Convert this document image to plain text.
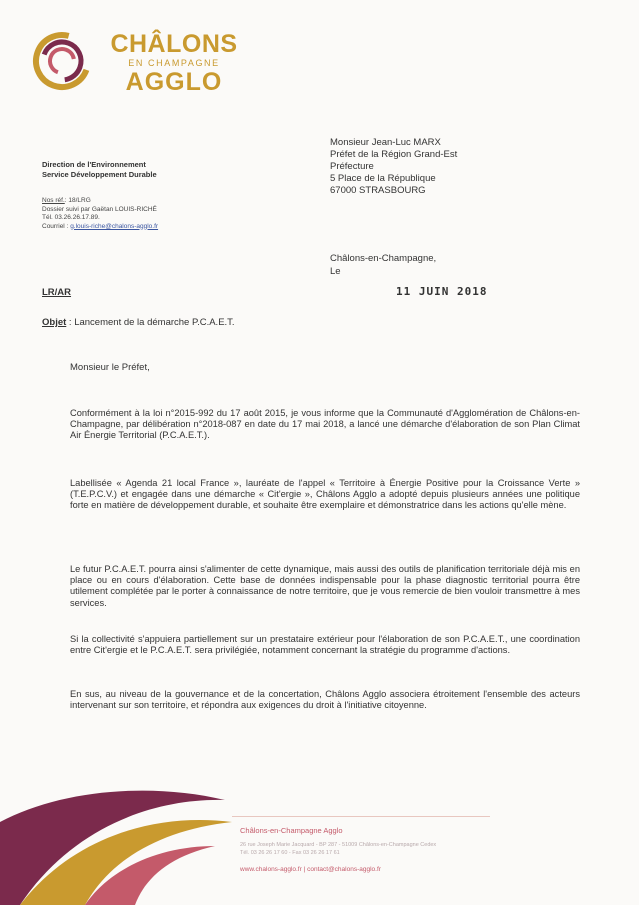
CHÂLONS
EN CHAMPAGNE
AGGLO
Monsieur Jean-Luc MARX
Préfet de la Région Grand-Est
Préfecture
5 Place de la République
67000 STRASBOURG
Direction de l'Environnement
Service Développement Durable
Nos réf.: 18/LRG
Dossier suivi par Gaëtan LOUIS-RICHÉ
Tél. 03.26.26.17.89.
Courriel : g.louis-riche@chalons-agglo.fr
Châlons-en-Champagne,
Le
11 JUIN 2018
LR/AR
Objet : Lancement de la démarche P.C.A.E.T.
Monsieur le Préfet,
Conformément à la loi n°2015-992 du 17 août 2015, je vous informe que la Communauté d'Agglomération de Châlons-en-Champagne, par délibération n°2018-087 en date du 17 mai 2018, a lancé une démarche d'élaboration de son Plan Climat Air Énergie Territorial (P.C.A.E.T.).
Labellisée « Agenda 21 local France », lauréate de l'appel « Territoire à Énergie Positive pour la Croissance Verte » (T.E.P.C.V.) et engagée dans une démarche « Cit'ergie », Châlons Agglo a adopté depuis plusieurs années une politique forte en matière de développement durable, et souhaite être exemplaire et démonstratrice dans les actions qu'elle mène.
Le futur P.C.A.E.T. pourra ainsi s'alimenter de cette dynamique, mais aussi des outils de planification territoriale déjà mis en place ou en cours d'élaboration. Cette base de données indispensable pour la phase diagnostic territorial pourra être utilement complétée par le porter à connaissance de notre territoire, que je vous remercie de bien vouloir transmettre à mes services.
Si la collectivité s'appuiera partiellement sur un prestataire extérieur pour l'élaboration de son P.C.A.E.T., une coordination entre Cit'ergie et le P.C.A.E.T. sera privilégiée, notamment concernant la stratégie du programme d'actions.
En sus, au niveau de la gouvernance et de la concertation, Châlons Agglo associera étroitement l'ensemble des acteurs intervenant sur son territoire, et répondra aux exigences du droit à l'initiative citoyenne.
Châlons-en-Champagne Agglo
26 rue Joseph Marie Jacquard - BP 287 - 51009 Châlons-en-Champagne Cedex
Tél. 03 26 26 17 60 - Fax 03 26 26 17 61
www.chalons-agglo.fr | contact@chalons-agglo.fr
